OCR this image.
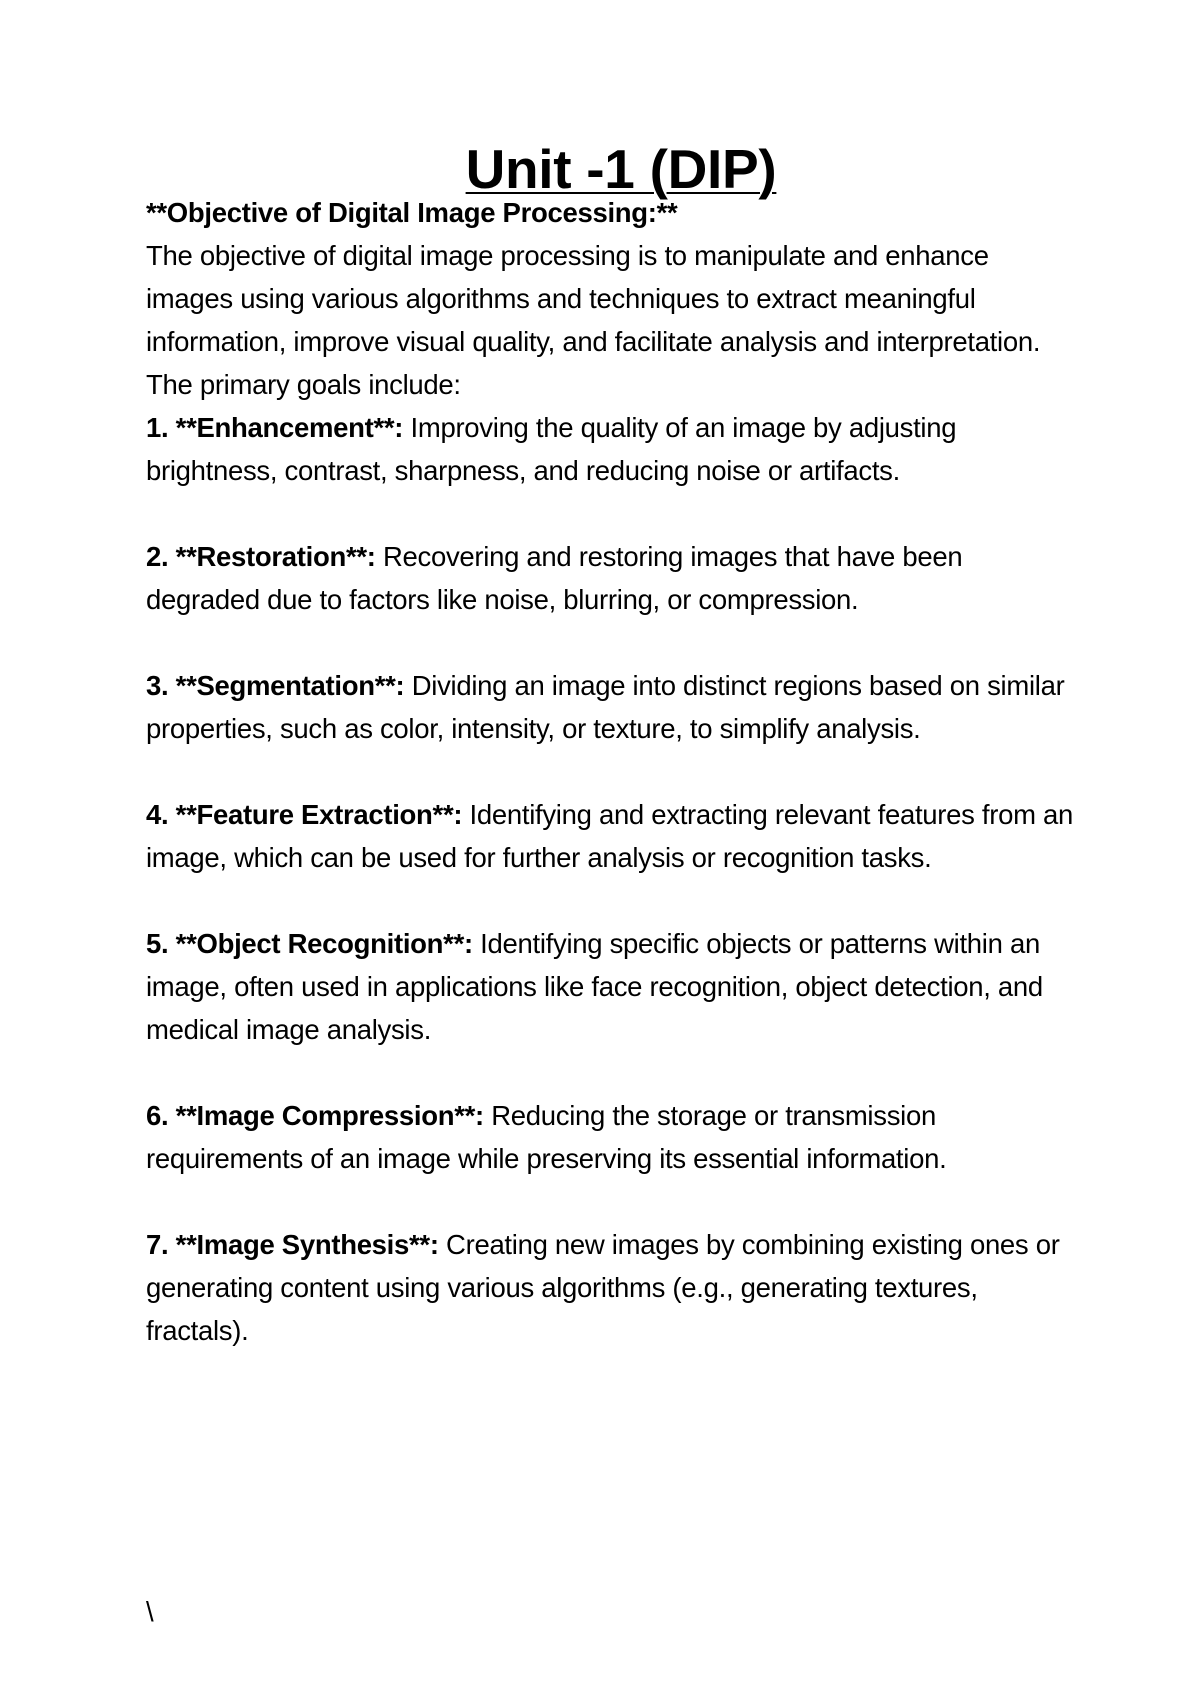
Unit -1 (DIP)

**Objective of Digital Image Processing:**

The objective of digital image processing is to manipulate and enhance images using various algorithms and techniques to extract meaningful information, improve visual quality, and facilitate analysis and interpretation. The primary goals include:

1. **Enhancement**: Improving the quality of an image by adjusting brightness, contrast, sharpness, and reducing noise or artifacts.
2. **Restoration**: Recovering and restoring images that have been degraded due to factors like noise, blurring, or compression.
3. **Segmentation**: Dividing an image into distinct regions based on similar properties, such as color, intensity, or texture, to simplify analysis.
4. **Feature Extraction**: Identifying and extracting relevant features from an image, which can be used for further analysis or recognition tasks.
5. **Object Recognition**: Identifying specific objects or patterns within an image, often used in applications like face recognition, object detection, and medical image analysis.
6. **Image Compression**: Reducing the storage or transmission requirements of an image while preserving its essential information.
7. **Image Synthesis**: Creating new images by combining existing ones or generating content using various algorithms (e.g., generating textures, fractals).
\
